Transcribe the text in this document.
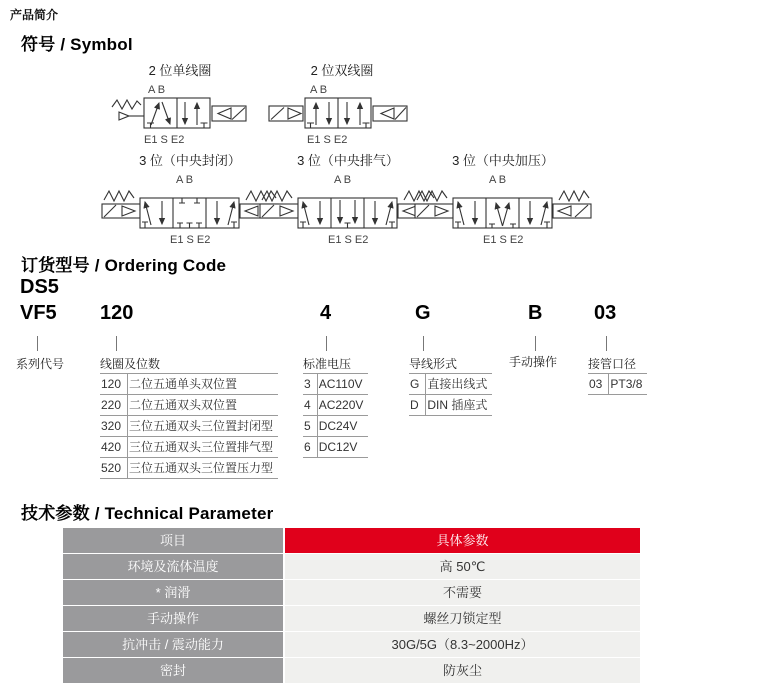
产品简介
符号 / Symbol
2 位单线圈
A B
E1 S E2
2 位双线圈
A B
E1 S E2
3 位（中央封闭）
A B
E1 S E2
3 位（中央排气）
A B
E1 S E2
3 位（中央加压）
A B
E1 S E2
订货型号 / Ordering Code
DS5
VF5
系列代号
120
线圈及位数
120	二位五通单头双位置
220	二位五通双头双位置
320	三位五通双头三位置封闭型
420	三位五通双头三位置排气型
520	三位五通双头三位置压力型
4
标准电压
3	AC110V
4	AC220V
5	DC24V
6	DC12V
G
导线形式
G	直接出线式
D	DIN 插座式
B
手动操作
03
接管口径
03	PT3/8
技术参数 / Technical Parameter
项目	具体参数
环境及流体温度	高 50℃
* 润滑	不需要
手动操作	螺丝刀锁定型
抗冲击 / 震动能力	30G/5G（8.3~2000Hz）
密封	防灰尘
